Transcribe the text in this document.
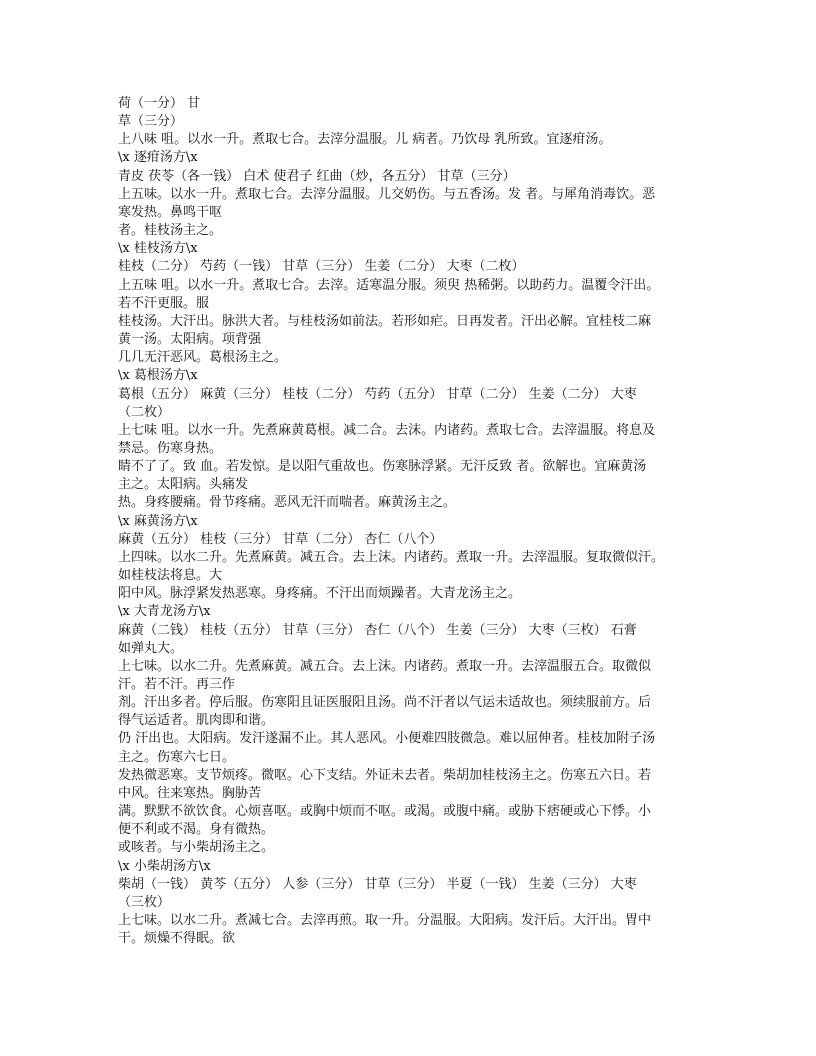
荷（一分） 甘
草（三分）
上八味 咀。以水一升。煮取七合。去滓分温服。儿 病者。乃饮母 乳所致。宜逐疳汤。
\x 逐疳汤方\x
青皮 茯苓（各一钱） 白术 使君子 红曲（炒，各五分） 甘草（三分）
上五味。以水一升。煮取七合。去滓分温服。儿交奶伤。与五香汤。发 者。与犀角消毒饮。恶
寒发热。鼻鸣干呕
者。桂枝汤主之。
\x 桂枝汤方\x
桂枝（二分） 芍药（一钱） 甘草（三分） 生姜（二分） 大枣（二枚）
上五味 咀。以水一升。煮取七合。去滓。适寒温分服。须臾 热稀粥。以助药力。温覆令汗出。
若不汗更服。服
桂枝汤。大汗出。脉洪大者。与桂枝汤如前法。若形如疟。日再发者。汗出必解。宜桂枝二麻
黄一汤。太阳病。项背强
几几无汗恶风。葛根汤主之。
\x 葛根汤方\x
葛根（五分） 麻黄（三分） 桂枝（二分） 芍药（五分） 甘草（二分） 生姜（二分） 大枣
（二枚）
上七味 咀。以水一升。先煮麻黄葛根。减二合。去沫。内诸药。煮取七合。去滓温服。将息及
禁忌。伤寒身热。
睛不了了。致 血。若发惊。是以阳气重故也。伤寒脉浮紧。无汗反致 者。欲解也。宜麻黄汤
主之。太阳病。头痛发
热。身疼腰痛。骨节疼痛。恶风无汗而喘者。麻黄汤主之。
\x 麻黄汤方\x
麻黄（五分） 桂枝（三分） 甘草（二分） 杏仁（八个）
上四味。以水二升。先煮麻黄。减五合。去上沫。内诸药。煮取一升。去滓温服。复取微似汗。
如桂枝法将息。大
阳中风。脉浮紧发热恶寒。身疼痛。不汗出而烦躁者。大青龙汤主之。
\x 大青龙汤方\x
麻黄（二钱） 桂枝（五分） 甘草（三分） 杏仁（八个） 生姜（三分） 大枣（三枚） 石膏
如弹丸大。
上七味。以水二升。先煮麻黄。减五合。去上沫。内诸药。煮取一升。去滓温服五合。取微似
汗。若不汗。再三作
剂。汗出多者。停后服。伤寒阳且证医服阳且汤。尚不汗者以气运未适故也。须续服前方。后
得气运适者。肌肉即和谐。
仍 汗出也。大阳病。发汗遂漏不止。其人恶风。小便难四肢微急。难以屈伸者。桂枝加附子汤
主之。伤寒六七日。
发热微恶寒。支节烦疼。微呕。心下支结。外证未去者。柴胡加桂枝汤主之。伤寒五六日。若
中风。往来寒热。胸胁苦
满。默默不欲饮食。心烦喜呕。或胸中烦而不呕。或渴。或腹中痛。或胁下痞硬或心下悸。小
便不利或不渴。身有微热。
或咳者。与小柴胡汤主之。
\x 小柴胡汤方\x
柴胡（一钱） 黄芩（五分） 人参（三分） 甘草（三分） 半夏（一钱） 生姜（三分） 大枣
（三枚）
上七味。以水二升。煮减七合。去滓再煎。取一升。分温服。大阳病。发汗后。大汗出。胃中
干。烦燥不得眠。欲
